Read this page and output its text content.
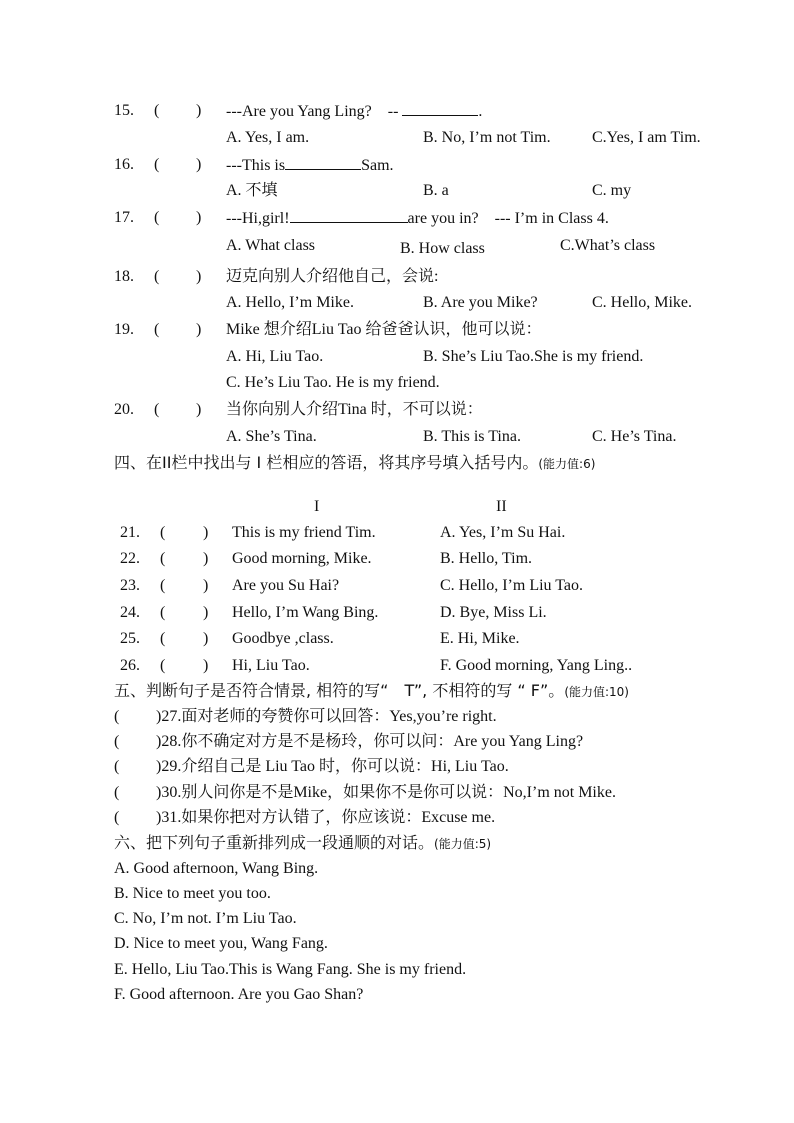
15. ( ) ---Are you Yang Ling? --	.
A. Yes, I am.	B. No, I’m not Tim.	C.Yes, I am Tim.
16. ( ) ---This is	Sam.
A. 不填	B. a	C. my
17. ( ) ---Hi,girl!	are you in? --- I’m in Class 4.
A. What class	B. How class	C.What’s class
18. ( ) 迈克向别人介绍他自己，会说:
A. Hello, I’m Mike.	B. Are you Mike?	C. Hello, Mike.
19. ( ) Mike 想介绍Liu Tao 给爸爸认识，他可以说：
A. Hi, Liu Tao.	B. She’s Liu Tao.She is my friend.
C. He’s Liu Tao. He is my friend.
20. ( ) 当你向别人介绍Tina 时，不可以说：
A. She’s Tina.	B. This is Tina.	C. He’s Tina.
四、在II栏中找出与 I 栏相应的答语，将其序号填入括号内。(能力值:6)
I	II
21. ( ) This is my friend Tim.	A. Yes, I’m Su Hai.
22. ( ) Good morning, Mike.	B. Hello, Tim.
23. ( ) Are you Su Hai?	C. Hello, I’m Liu Tao.
24. ( ) Hello, I’m Wang Bing.	D. Bye, Miss Li.
25. ( ) Goodbye ,class.	E. Hi, Mike.
26. ( ) Hi, Liu Tao.	F. Good morning, Yang Ling..
五、判断句子是否符合情景, 相符的写“　T”, 不相符的写 “ F”。(能力值:10)
( )27.面对老师的夸赞你可以回答：Yes,you’re right.
( )28.你不确定对方是不是杨玲，你可以问：Are you Yang Ling?
( )29.介绍自己是 Liu Tao 时，你可以说：Hi, Liu Tao.
( )30.别人问你是不是Mike，如果你不是你可以说：No,I’m not Mike.
( )31.如果你把对方认错了，你应该说：Excuse me.
六、把下列句子重新排列成一段通顺的对话。(能力值:5)
A. Good afternoon, Wang Bing.
B. Nice to meet you too.
C. No, I’m not. I’m Liu Tao.
D. Nice to meet you, Wang Fang.
E. Hello, Liu Tao.This is Wang Fang. She is my friend.
F. Good afternoon. Are you Gao Shan?
